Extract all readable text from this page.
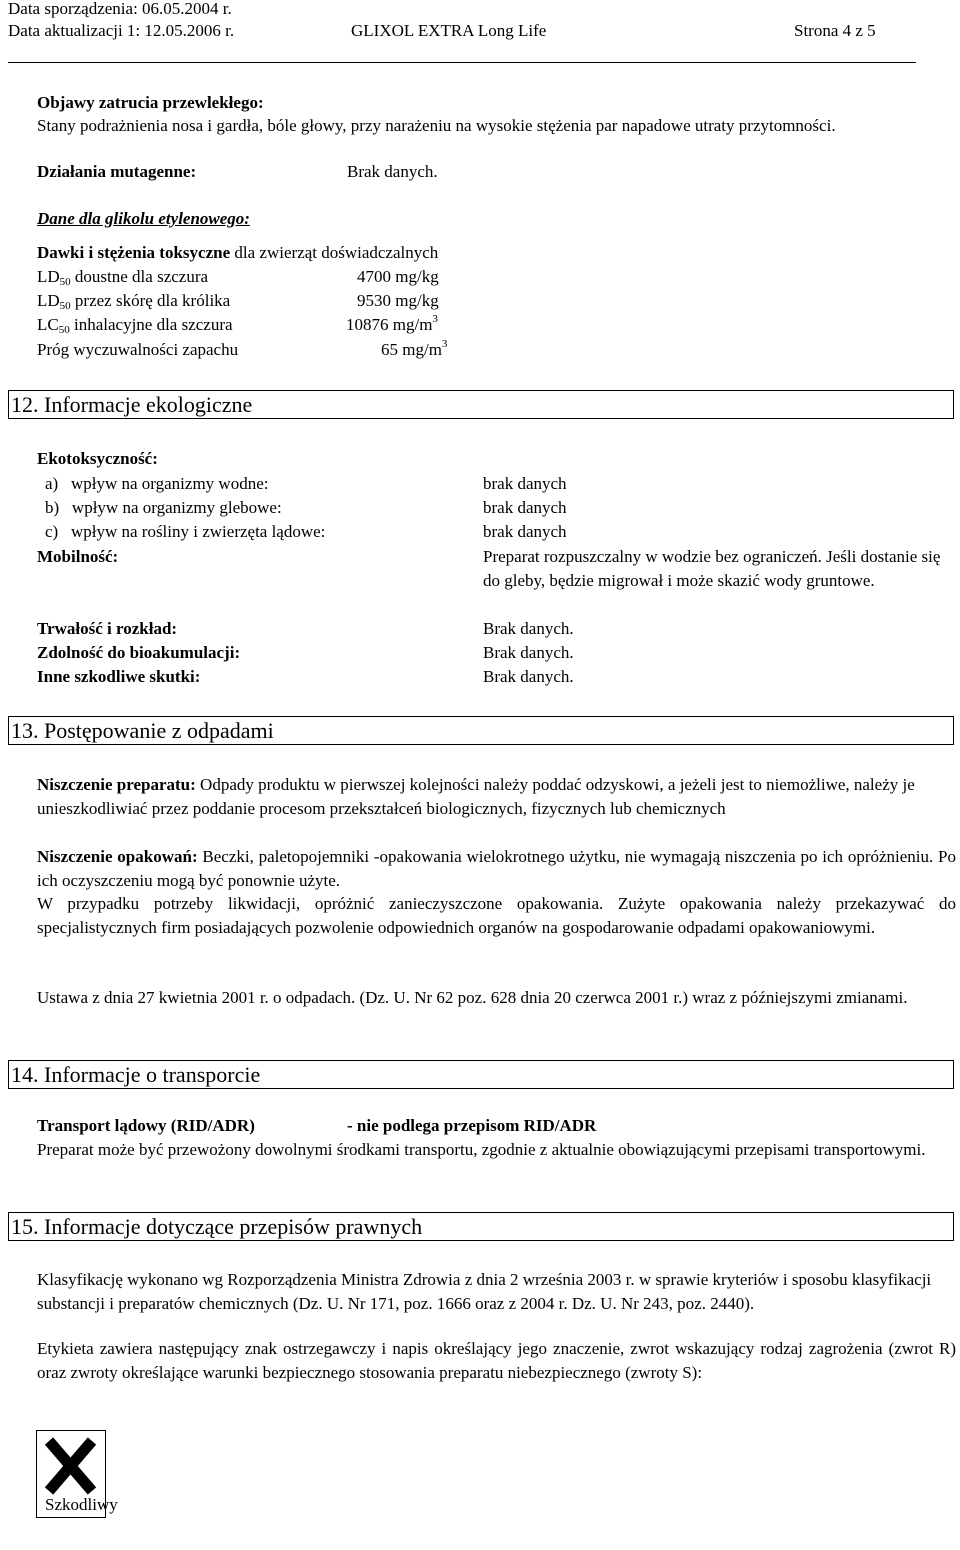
Data sporządzenia: 06.05.2004 r.
Data aktualizacji 1: 12.05.2006 r.	GLIXOL EXTRA Long Life	Strona 4 z 5
Objawy zatrucia przewlekłego:
Stany podrażnienia nosa i gardła, bóle głowy, przy narażeniu na wysokie stężenia par napadowe utraty przytomności.
Działania mutagenne:	Brak danych.
Dane dla glikolu etylenowego:
Dawki i stężenia toksyczne dla zwierząt doświadczalnych
$LD_{50}$ doustne dla szczura	4700 mg/kg
$LD_{50}$ przez skórę dla królika	9530 mg/kg
$LC_{50}$ inhalacyjne dla szczura	10876 $mg/m^3$
Próg wyczuwalności zapachu	65 $mg/m^3$
12. Informacje ekologiczne
Ekotoksyczność:
a)   wpływ na organizmy wodne:	brak danych
b)   wpływ na organizmy glebowe:	brak danych
c)   wpływ na rośliny i zwierzęta lądowe:	brak danych
Mobilność:	Preparat rozpuszczalny w wodzie bez ograniczeń. Jeśli dostanie się do gleby, będzie migrował i może skazić wody gruntowe.
Trwałość i rozkład:	Brak danych.
Zdolność do bioakumulacji:	Brak danych.
Inne szkodliwe skutki:	Brak danych.
13. Postępowanie z odpadami
Niszczenie preparatu: Odpady produktu w pierwszej kolejności należy poddać odzyskowi, a jeżeli jest to niemożliwe, należy je unieszkodliwiać przez poddanie procesom przekształceń biologicznych, fizycznych lub chemicznych
Niszczenie opakowań: Beczki, paletopojemniki -opakowania wielokrotnego użytku, nie wymagają niszczenia po ich opróżnieniu. Po ich oczyszczeniu mogą być ponownie użyte.
W przypadku potrzeby likwidacji, opróżnić zanieczyszczone opakowania. Zużyte opakowania należy przekazywać do specjalistycznych firm posiadających pozwolenie odpowiednich organów na gospodarowanie odpadami opakowaniowymi.
Ustawa z dnia 27 kwietnia 2001 r. o odpadach. (Dz. U. Nr 62 poz. 628 dnia 20 czerwca 2001 r.) wraz z późniejszymi zmianami.
14. Informacje o transporcie
Transport lądowy (RID/ADR)	- nie podlega przepisom RID/ADR
Preparat może być przewożony dowolnymi środkami transportu, zgodnie z aktualnie obowiązującymi przepisami transportowymi.
15. Informacje dotyczące przepisów prawnych
Klasyfikację wykonano wg Rozporządzenia Ministra Zdrowia z dnia 2 września 2003 r. w sprawie kryteriów i sposobu klasyfikacji substancji i preparatów chemicznych (Dz. U. Nr 171, poz. 1666 oraz z 2004 r. Dz. U. Nr 243, poz. 2440).
Etykieta zawiera następujący znak ostrzegawczy i napis określający jego znaczenie, zwrot wskazujący rodzaj zagrożenia (zwrot R) oraz zwroty określające warunki bezpiecznego stosowania preparatu niebezpiecznego (zwroty S):
Szkodliwy
